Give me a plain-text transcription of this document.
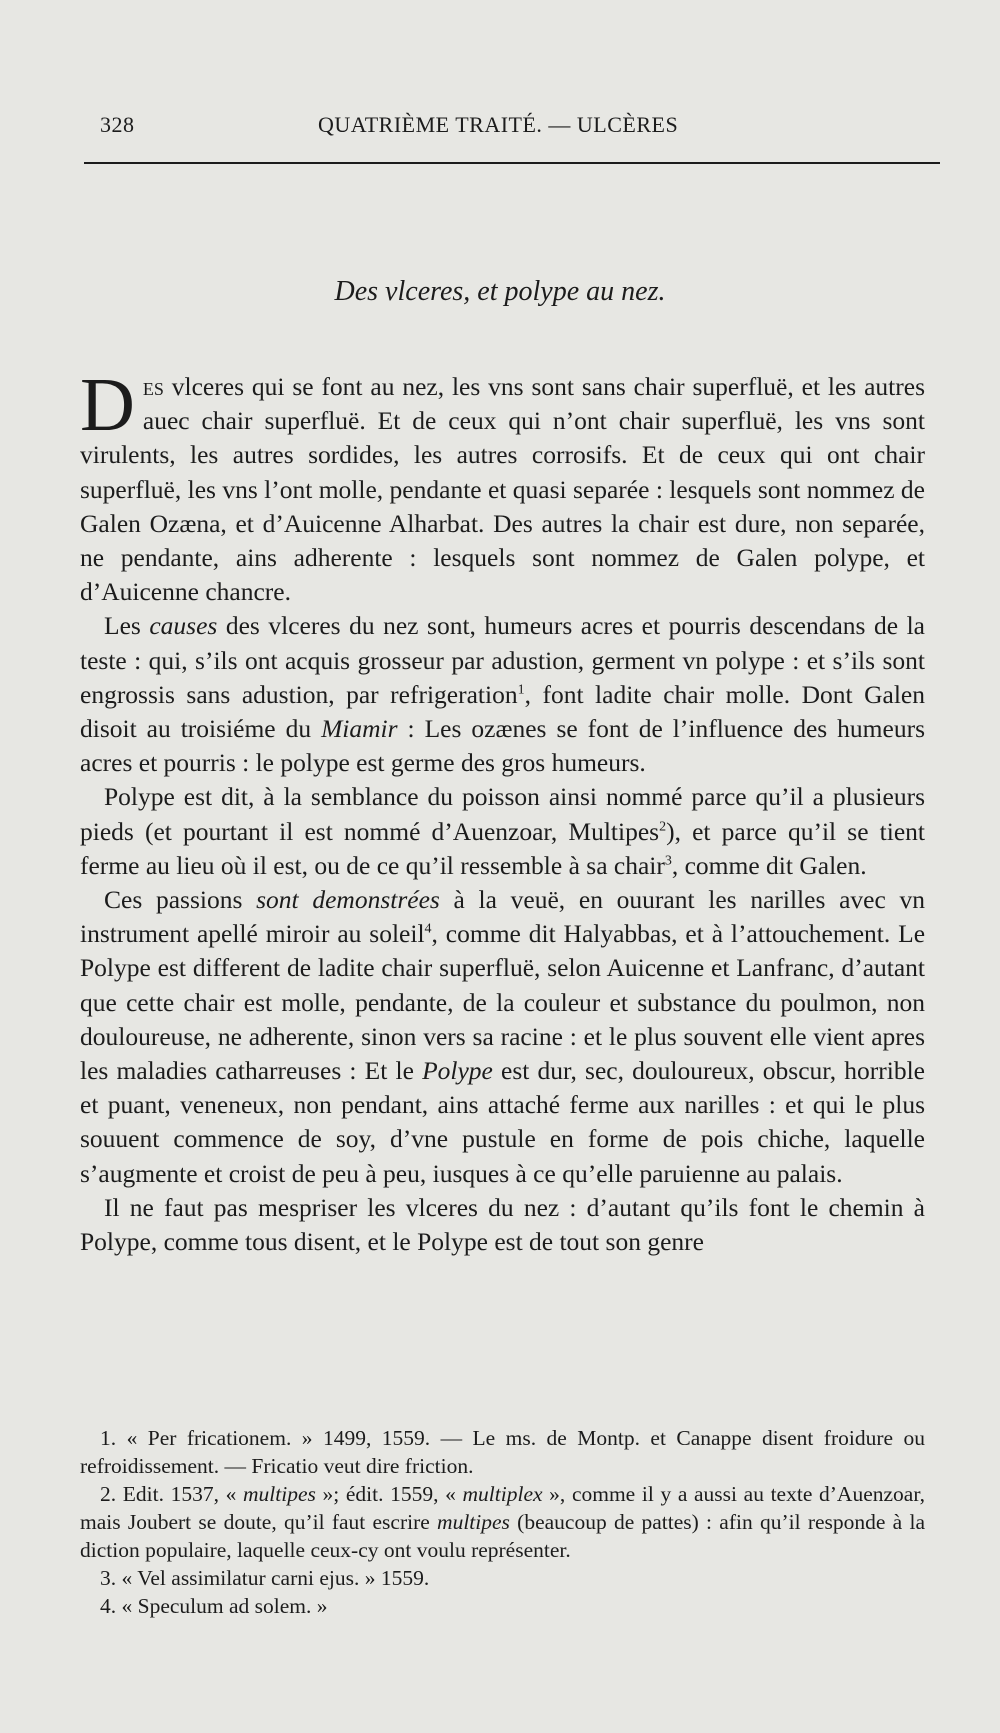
328	QUATRIÈME TRAITÉ. — ULCÈRES
Des vlceres, et polype au nez.

Des vlceres qui se font au nez, les vns sont sans chair superfluë, et les autres auec chair superfluë. Et de ceux qui n’ont chair superfluë, les vns sont virulents, les autres sordides, les autres corrosifs. Et de ceux qui ont chair superfluë, les vns l’ont molle, pendante et quasi separée : lesquels sont nommez de Galen Ozæna, et d’Auicenne Alharbat. Des autres la chair est dure, non separée, ne pendante, ains adherente : lesquels sont nommez de Galen polype, et d’Auicenne chancre.

Les causes des vlceres du nez sont, humeurs acres et pourris descendans de la teste : qui, s’ils ont acquis grosseur par adustion, germent vn polype : et s’ils sont engrossis sans adustion, par refrigeration$^1$, font ladite chair molle. Dont Galen disoit au troisiéme du Miamir : Les ozænes se font de l’influence des humeurs acres et pourris : le polype est germe des gros humeurs.

Polype est dit, à la semblance du poisson ainsi nommé parce qu’il a plusieurs pieds (et pourtant il est nommé d’Auenzoar, Multipes$^2$), et parce qu’il se tient ferme au lieu où il est, ou de ce qu’il ressemble à sa chair$^3$, comme dit Galen.

Ces passions sont demonstrées à la veuë, en ouurant les narilles avec vn instrument apellé miroir au soleil$^4$, comme dit Halyabbas, et à l’attouchement. Le Polype est different de ladite chair superfluë, selon Auicenne et Lanfranc, d’autant que cette chair est molle, pendante, de la couleur et substance du poulmon, non douloureuse, ne adherente, sinon vers sa racine : et le plus souvent elle vient apres les maladies catharreuses : Et le Polype est dur, sec, douloureux, obscur, horrible et puant, veneneux, non pendant, ains attaché ferme aux narilles : et qui le plus souuent commence de soy, d’vne pustule en forme de pois chiche, laquelle s’augmente et croist de peu à peu, iusques à ce qu’elle paruienne au palais.

Il ne faut pas mespriser les vlceres du nez : d’autant qu’ils font le chemin à Polype, comme tous disent, et le Polype est de tout son genre

1. « Per fricationem. » 1499, 1559. — Le ms. de Montp. et Canappe disent froidure ou refroidissement. — Fricatio veut dire friction.

2. Edit. 1537, « multipes »; édit. 1559, « multiplex », comme il y a aussi au texte d’Auenzoar, mais Joubert se doute, qu’il faut escrire multipes (beaucoup de pattes) : afin qu’il responde à la diction populaire, laquelle ceux-cy ont voulu représenter.

3. « Vel assimilatur carni ejus. » 1559.

4. « Speculum ad solem. »
